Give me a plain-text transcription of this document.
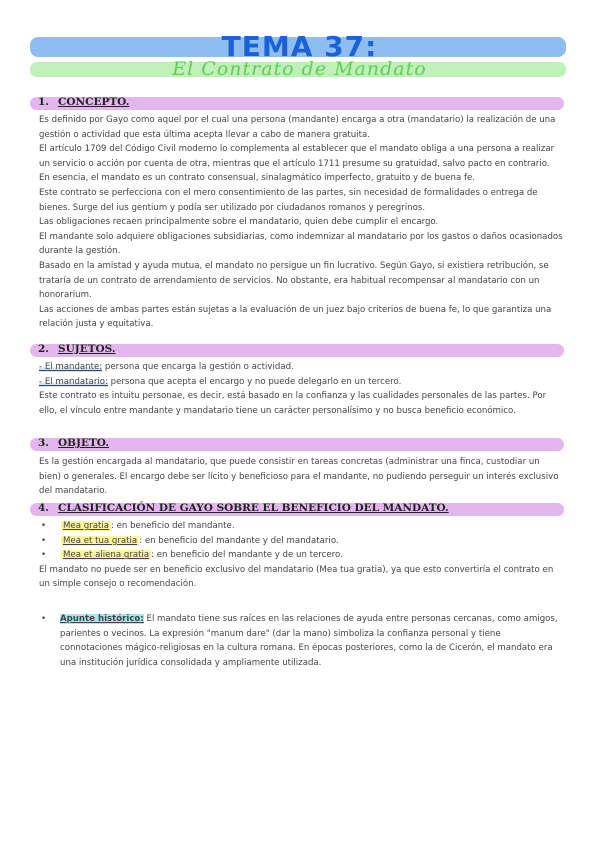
TEMA 37:
El Contrato de Mandato
1. CONCEPTO.

Es definido por Gayo como aquel por el cual una persona (mandante) encarga a otra (mandatario) la realización de una gestión o actividad que esta última acepta llevar a cabo de manera gratuita.

El artículo 1709 del Código Civil moderno lo complementa al establecer que el mandato obliga a una persona a realizar un servicio o acción por cuenta de otra, mientras que el artículo 1711 presume su gratuidad, salvo pacto en contrario.

En esencia, el mandato es un contrato consensual, sinalagmático imperfecto, gratuito y de buena fe.

Este contrato se perfecciona con el mero consentimiento de las partes, sin necesidad de formalidades o entrega de bienes. Surge del ius gentium y podía ser utilizado por ciudadanos romanos y peregrinos.

Las obligaciones recaen principalmente sobre el mandatario, quien debe cumplir el encargo.

El mandante solo adquiere obligaciones subsidiarias, como indemnizar al mandatario por los gastos o daños ocasionados durante la gestión.

Basado en la amistad y ayuda mutua, el mandato no persigue un fin lucrativo. Según Gayo, si existiera retribución, se trataría de un contrato de arrendamiento de servicios. No obstante, era habitual recompensar al mandatario con un honorarium.

Las acciones de ambas partes están sujetas a la evaluación de un juez bajo criterios de buena fe, lo que garantiza una relación justa y equitativa.

2. SUJETOS.

- El mandante: persona que encarga la gestión o actividad.

- El mandatario: persona que acepta el encargo y no puede delegarlo en un tercero.

Este contrato es intuitu personae, es decir, está basado en la confianza y las cualidades personales de las partes. Por ello, el vínculo entre mandante y mandatario tiene un carácter personalísimo y no busca beneficio económico.

3. OBJETO.

Es la gestión encargada al mandatario, que puede consistir en tareas concretas (administrar una finca, custodiar un bien) o generales. El encargo debe ser lícito y beneficioso para el mandante, no pudiendo perseguir un interés exclusivo del mandatario.

4. CLASIFICACIÓN DE GAYO SOBRE EL BENEFICIO DEL MANDATO.

• Mea gratia : en beneficio del mandante.

• Mea et tua gratia : en beneficio del mandante y del mandatario.

• Mea et aliena gratia : en beneficio del mandante y de un tercero.

El mandato no puede ser en beneficio exclusivo del mandatario (Mea tua gratia), ya que esto convertiría el contrato en un simple consejo o recomendación.

•	Apunte histórico: El mandato tiene sus raíces en las relaciones de ayuda entre personas cercanas, como amigos, parientes o vecinos. La expresión "manum dare" (dar la mano) simboliza la confianza personal y tiene connotaciones mágico-religiosas en la cultura romana. En épocas posteriores, como la de Cicerón, el mandato era una institución jurídica consolidada y ampliamente utilizada.
